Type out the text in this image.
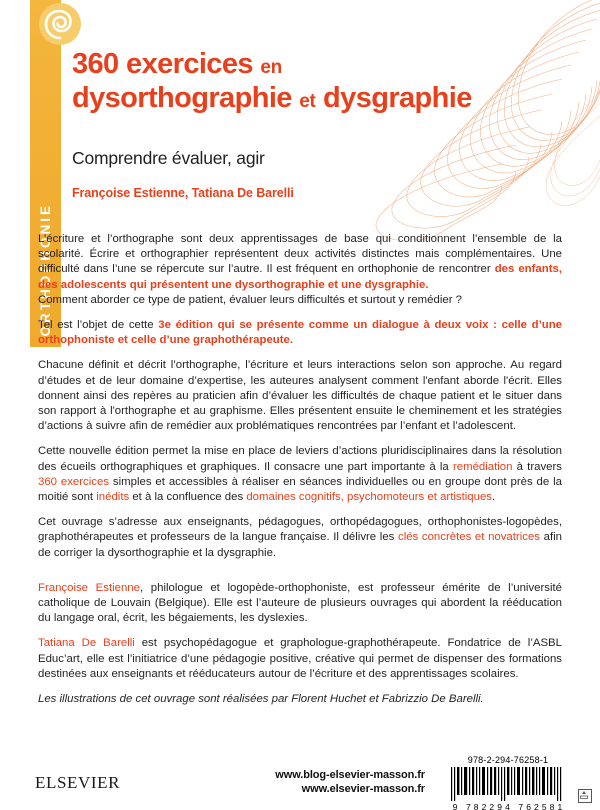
ORTHOPHONIE
360 exercices en
dysorthographie et dysgraphie
Comprendre évaluer, agir
Françoise Estienne, Tatiana De Barelli

L’écriture et l’orthographe sont deux apprentissages de base qui conditionnent l’ensemble de la scolarité. Écrire et orthographier représentent deux activités distinctes mais complémentaires. Une difficulté dans l’une se répercute sur l’autre. Il est fréquent en orthophonie de rencontrer des enfants, des adolescents qui présentent une dysorthographie et une dysgraphie.

Comment aborder ce type de patient, évaluer leurs difficultés et surtout y remédier ?

Tel est l’objet de cette 3e édition qui se présente comme un dialogue à deux voix : celle d’une orthophoniste et celle d’une graphothérapeute.

Chacune définit et décrit l’orthographe, l’écriture et leurs interactions selon son approche. Au regard d’études et de leur domaine d’expertise, les auteures analysent comment l'enfant aborde l'écrit. Elles donnent ainsi des repères au praticien afin d’évaluer les difficultés de chaque patient et le situer dans son rapport à l'orthographe et au graphisme. Elles présentent ensuite le cheminement et les stratégies d’actions à suivre afin de remédier aux problématiques rencontrées par l’enfant et l’adolescent.

Cette nouvelle édition permet la mise en place de leviers d’actions pluridisciplinaires dans la résolution des écueils orthographiques et graphiques. Il consacre une part importante à la remédiation à travers 360 exercices simples et accessibles à réaliser en séances individuelles ou en groupe dont près de la moitié sont inédits et à la confluence des domaines cognitifs, psychomoteurs et artistiques.

Cet ouvrage s’adresse aux enseignants, pédagogues, orthopédagogues, orthophonistes-logopèdes, graphothérapeutes et professeurs de la langue française. Il délivre les clés concrètes et novatrices afin de corriger la dysorthographie et la dysgraphie.

Françoise Estienne, philologue et logopède-orthophoniste, est professeur émérite de l’université catholique de Louvain (Belgique). Elle est l’auteure de plusieurs ouvrages qui abordent la rééducation du langage oral, écrit, les bégaiements, les dyslexies.

Tatiana De Barelli est psychopédagogue et graphologue-graphothérapeute. Fondatrice de l’ASBL Educ’art, elle est l’initiatrice d’une pédagogie positive, créative qui permet de dispenser des formations destinées aux enseignants et rééducateurs autour de l’écriture et des apprentissages scolaires.

Les illustrations de cet ouvrage sont réalisées par Florent Huchet et Fabrizzio De Barelli.

978-2-294-76258-1
9 782294 762581
ELSEVIER	www.blog-elsevier-masson.fr
www.elsevier-masson.fr
